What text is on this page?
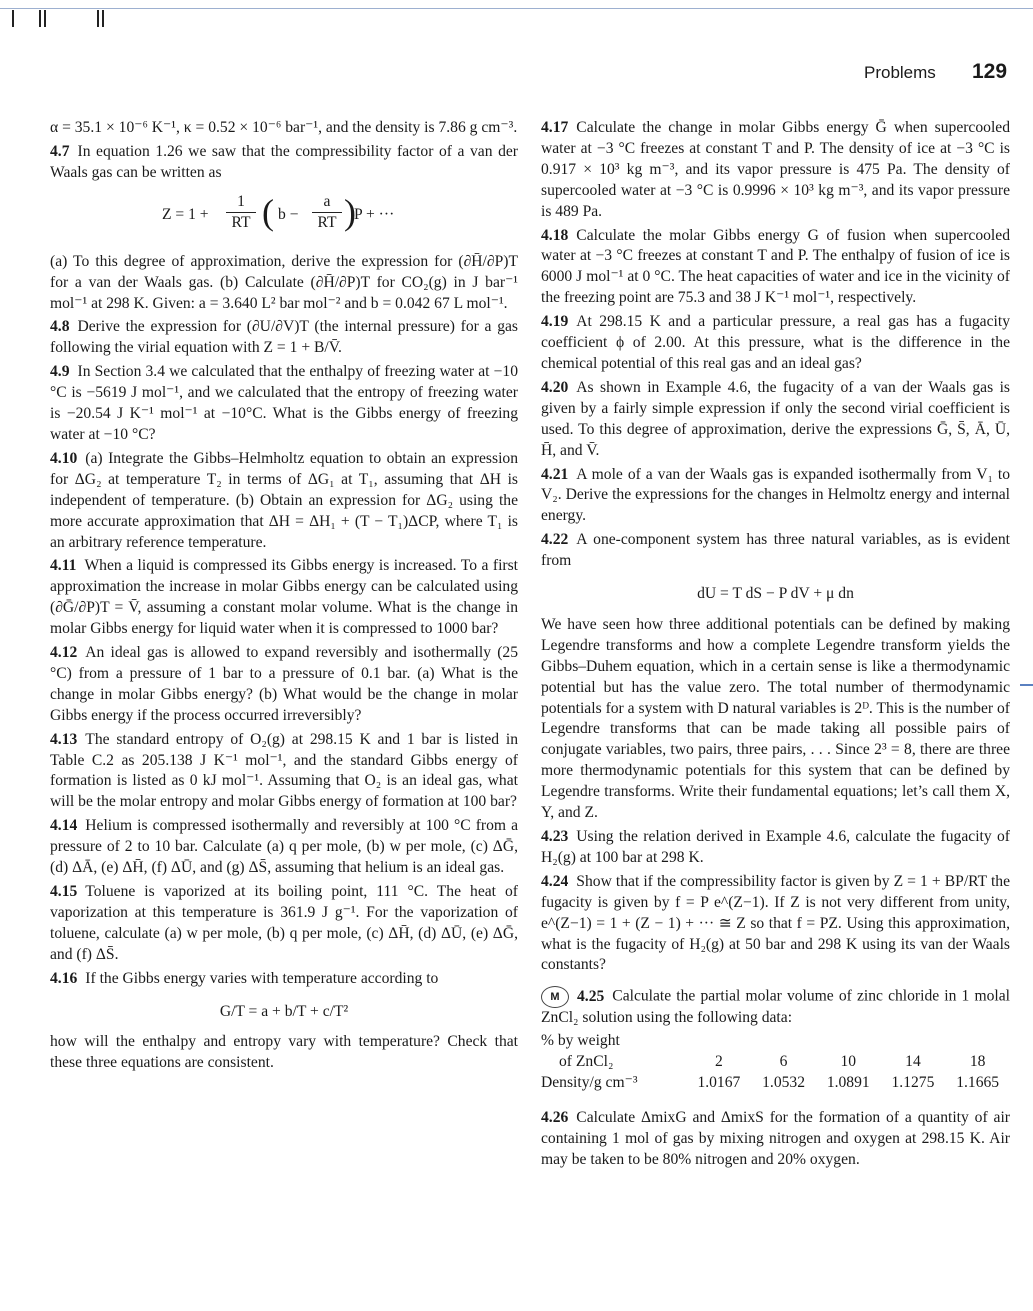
Problems 129

α = 35.1 × 10⁻⁶ K⁻¹, κ = 0.52 × 10⁻⁶ bar⁻¹, and the density is 7.86 g cm⁻³.

4.7 In equation 1.26 we saw that the compressibility factor of a van der Waals gas can be written as

Z = 1 +
1
RT ( b −
a
RT )
P + ···

(a) To this degree of approximation, derive the expression for (∂H̄/∂P)T for a van der Waals gas. (b) Calculate (∂H̄/∂P)T for CO₂(g) in J bar⁻¹ mol⁻¹ at 298 K. Given: a = 3.640 L² bar mol⁻² and b = 0.042 67 L mol⁻¹.

4.8 Derive the expression for (∂U/∂V)T (the internal pressure) for a gas following the virial equation with Z = 1 + B/V̄.

4.9 In Section 3.4 we calculated that the enthalpy of freezing water at −10 °C is −5619 J mol⁻¹, and we calculated that the entropy of freezing water is −20.54 J K⁻¹ mol⁻¹ at −10°C. What is the Gibbs energy of freezing water at −10 °C?

4.10 (a) Integrate the Gibbs–Helmholtz equation to obtain an expression for ΔG₂ at temperature T₂ in terms of ΔG₁ at T₁, assuming that ΔH is independent of temperature. (b) Obtain an expression for ΔG₂ using the more accurate approximation that ΔH = ΔH₁ + (T − T₁)ΔCP, where T₁ is an arbitrary reference temperature.

4.11 When a liquid is compressed its Gibbs energy is increased. To a first approximation the increase in molar Gibbs energy can be calculated using (∂Ḡ/∂P)T = V̄, assuming a constant molar volume. What is the change in molar Gibbs energy for liquid water when it is compressed to 1000 bar?

4.12 An ideal gas is allowed to expand reversibly and isothermally (25 °C) from a pressure of 1 bar to a pressure of 0.1 bar. (a) What is the change in molar Gibbs energy? (b) What would be the change in molar Gibbs energy if the process occurred irreversibly?

4.13 The standard entropy of O₂(g) at 298.15 K and 1 bar is listed in Table C.2 as 205.138 J K⁻¹ mol⁻¹, and the standard Gibbs energy of formation is listed as 0 kJ mol⁻¹. Assuming that O₂ is an ideal gas, what will be the molar entropy and molar Gibbs energy of formation at 100 bar?

4.14 Helium is compressed isothermally and reversibly at 100 °C from a pressure of 2 to 10 bar. Calculate (a) q per mole, (b) w per mole, (c) ΔḠ, (d) ΔĀ, (e) ΔH̄, (f) ΔŪ, and (g) ΔS̄, assuming that helium is an ideal gas.

4.15 Toluene is vaporized at its boiling point, 111 °C. The heat of vaporization at this temperature is 361.9 J g⁻¹. For the vaporization of toluene, calculate (a) w per mole, (b) q per mole, (c) ΔH̄, (d) ΔŪ, (e) ΔḠ, and (f) ΔS̄.

4.16 If the Gibbs energy varies with temperature according to

G/T = a + b/T + c/T²

how will the enthalpy and entropy vary with temperature? Check that these three equations are consistent.

4.17 Calculate the change in molar Gibbs energy Ḡ when supercooled water at −3 °C freezes at constant T and P. The density of ice at −3 °C is 0.917 × 10³ kg m⁻³, and its vapor pressure is 475 Pa. The density of supercooled water at −3 °C is 0.9996 × 10³ kg m⁻³, and its vapor pressure is 489 Pa.

4.18 Calculate the molar Gibbs energy G of fusion when supercooled water at −3 °C freezes at constant T and P. The enthalpy of fusion of ice is 6000 J mol⁻¹ at 0 °C. The heat capacities of water and ice in the vicinity of the freezing point are 75.3 and 38 J K⁻¹ mol⁻¹, respectively.

4.19 At 298.15 K and a particular pressure, a real gas has a fugacity coefficient ϕ of 2.00. At this pressure, what is the difference in the chemical potential of this real gas and an ideal gas?

4.20 As shown in Example 4.6, the fugacity of a van der Waals gas is given by a fairly simple expression if only the second virial coefficient is used. To this degree of approximation, derive the expressions Ḡ, S̄, Ā, Ū, H̄, and V̄.

4.21 A mole of a van der Waals gas is expanded isothermally from V₁ to V₂. Derive the expressions for the changes in Helmoltz energy and internal energy.

4.22 A one-component system has three natural variables, as is evident from

dU = T dS − P dV + μ dn

We have seen how three additional potentials can be defined by making Legendre transforms and how a complete Legendre transform yields the Gibbs–Duhem equation, which in a certain sense is like a thermodynamic potential but has the value zero. The total number of thermodynamic potentials for a system with D natural variables is 2ᴰ. This is the number of Legendre transforms that can be made taking all possible pairs of conjugate variables, two pairs, three pairs, . . . Since 2³ = 8, there are three more thermodynamic potentials for this system that can be defined by Legendre transforms. Write their fundamental equations; let’s call them X, Y, and Z.

4.23 Using the relation derived in Example 4.6, calculate the fugacity of H₂(g) at 100 bar at 298 K.

4.24 Show that if the compressibility factor is given by Z = 1 + BP/RT the fugacity is given by f = P e^(Z−1). If Z is not very different from unity, e^(Z−1) = 1 + (Z − 1) + ··· ≅ Z so that f = PZ. Using this approximation, what is the fugacity of H₂(g) at 50 bar and 298 K using its van der Waals constants?

M 4.25 Calculate the partial molar volume of zinc chloride in 1 molal ZnCl₂ solution using the following data:

% by weight					
of ZnCl₂	2	6	10	14	18
Density/g cm⁻³	1.0167	1.0532	1.0891	1.1275	1.1665

4.26 Calculate ΔmixG and ΔmixS for the formation of a quantity of air containing 1 mol of gas by mixing nitrogen and oxygen at 298.15 K. Air may be taken to be 80% nitrogen and 20% oxygen.
